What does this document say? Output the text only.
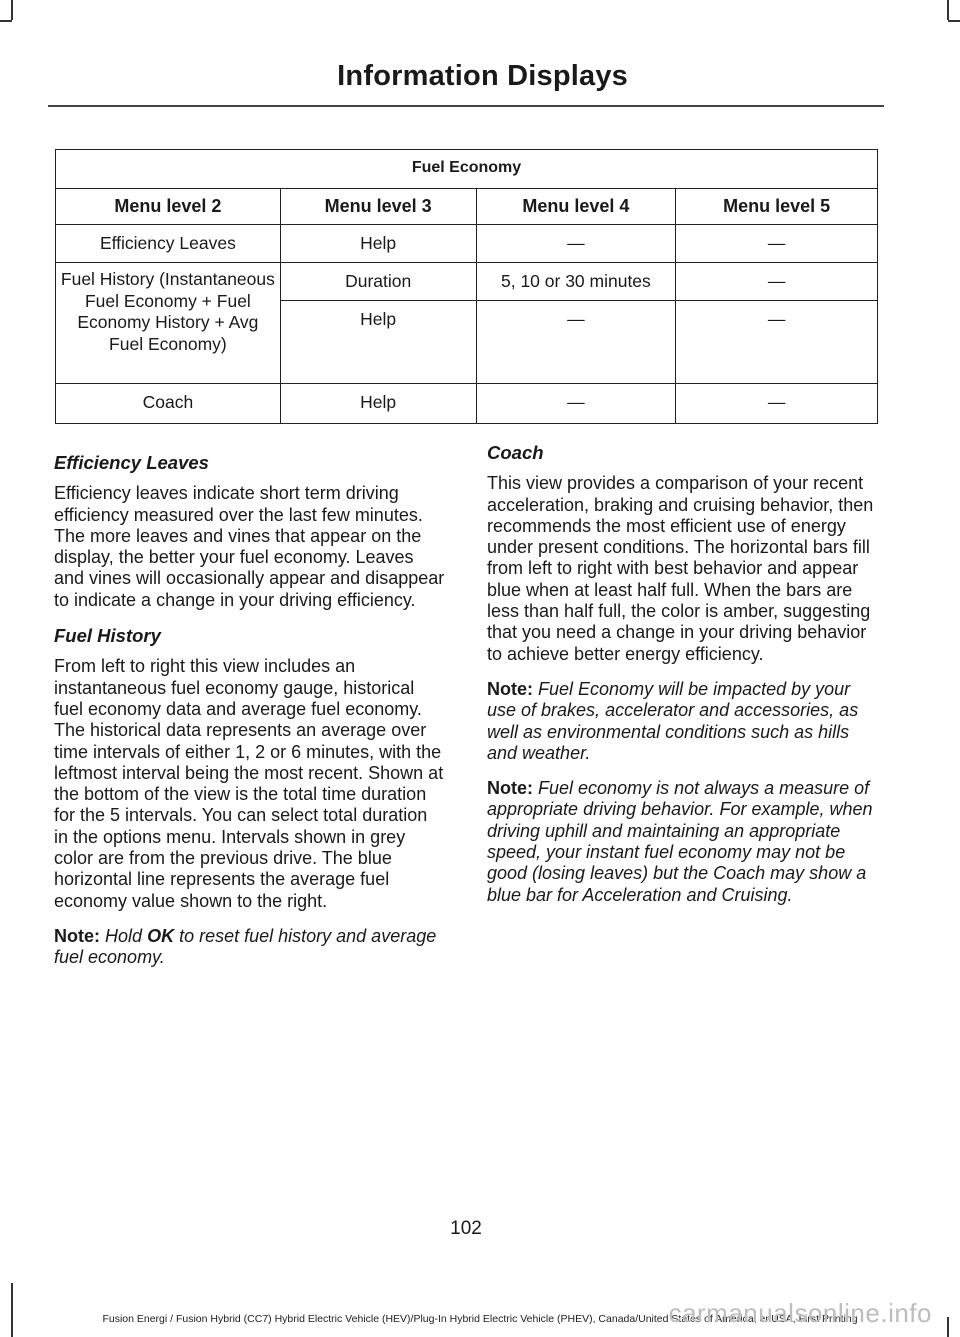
Information Displays
Fuel Economy			
Menu level 2	Menu level 3	Menu level 4	Menu level 5
Efficiency Leaves	Help	—	—
Fuel History (Instantaneous Fuel Economy + Fuel Economy History + Avg Fuel Economy)	Duration	5, 10 or 30 minutes	—
	Help	—	—
Coach	Help	—	—
Efficiency Leaves

Efficiency leaves indicate short term driving efficiency measured over the last few minutes. The more leaves and vines that appear on the display, the better your fuel economy. Leaves and vines will occasionally appear and disappear to indicate a change in your driving efficiency.

Fuel History

From left to right this view includes an instantaneous fuel economy gauge, historical fuel economy data and average fuel economy. The historical data represents an average over time intervals of either 1, 2 or 6 minutes, with the leftmost interval being the most recent. Shown at the bottom of the view is the total time duration for the 5 intervals. You can select total duration in the options menu. Intervals shown in grey color are from the previous drive. The blue horizontal line represents the average fuel economy value shown to the right.

Note: Hold OK to reset fuel history and average fuel economy.

Coach

This view provides a comparison of your recent acceleration, braking and cruising behavior, then recommends the most efficient use of energy under present conditions. The horizontal bars fill from left to right with best behavior and appear blue when at least half full. When the bars are less than half full, the color is amber, suggesting that you need a change in your driving behavior to achieve better energy efficiency.

Note: Fuel Economy will be impacted by your use of brakes, accelerator and accessories, as well as environmental conditions such as hills and weather.

Note: Fuel economy is not always a measure of appropriate driving behavior. For example, when driving uphill and maintaining an appropriate speed, your instant fuel economy may not be good (losing leaves) but the Coach may show a blue bar for Acceleration and Cruising.

102
Fusion Energi / Fusion Hybrid (CC7) Hybrid Electric Vehicle (HEV)/Plug-In Hybrid Electric Vehicle (PHEV), Canada/United States of America, enUSA, First Printing
carmanualsonline.info
